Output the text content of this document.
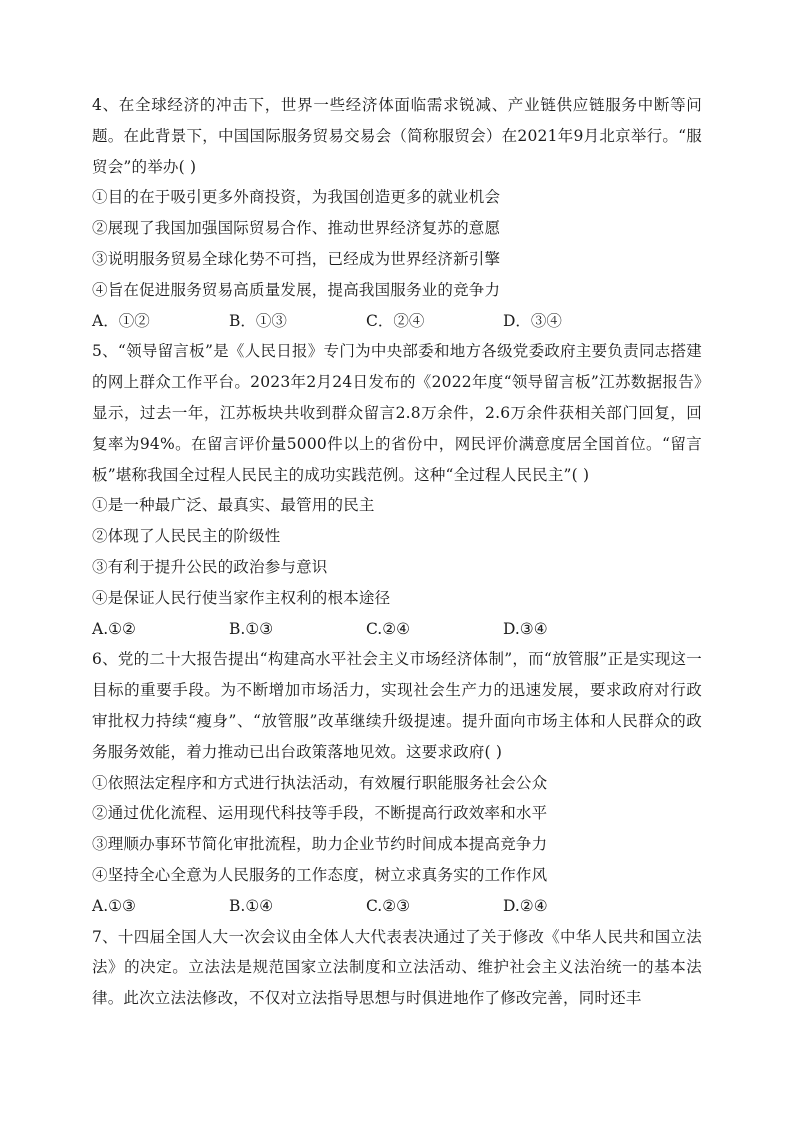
4、在全球经济的冲击下，世界一些经济体面临需求锐减、产业链供应链服务中断等问题。在此背景下，中国国际服务贸易交易会（简称服贸会）在2021年9月北京举行。“服贸会”的举办( )

①目的在于吸引更多外商投资，为我国创造更多的就业机会

②展现了我国加强国际贸易合作、推动世界经济复苏的意愿

③说明服务贸易全球化势不可挡，已经成为世界经济新引擎

④旨在促进服务贸易高质量发展，提高我国服务业的竞争力

A．①②	B．①③	C．②④	D．③④

5、“领导留言板”是《人民日报》专门为中央部委和地方各级党委政府主要负责同志搭建的网上群众工作平台。2023年2月24日发布的《2022年度“领导留言板”江苏数据报告》显示，过去一年，江苏板块共收到群众留言2.8万余件，2.6万余件获相关部门回复，回复率为94%。在留言评价量5000件以上的省份中，网民评价满意度居全国首位。“留言板”堪称我国全过程人民民主的成功实践范例。这种“全过程人民民主”( )

①是一种最广泛、最真实、最管用的民主

②体现了人民民主的阶级性

③有利于提升公民的政治参与意识

④是保证人民行使当家作主权利的根本途径

A.①②	B.①③	C.②④	D.③④

6、党的二十大报告提出“构建高水平社会主义市场经济体制”，而“放管服”正是实现这一目标的重要手段。为不断增加市场活力，实现社会生产力的迅速发展，要求政府对行政审批权力持续“瘦身”、“放管服”改革继续升级提速。提升面向市场主体和人民群众的政务服务效能，着力推动已出台政策落地见效。这要求政府( )

①依照法定程序和方式进行执法活动，有效履行职能服务社会公众

②通过优化流程、运用现代科技等手段，不断提高行政效率和水平

③理顺办事环节简化审批流程，助力企业节约时间成本提高竞争力

④坚持全心全意为人民服务的工作态度，树立求真务实的工作作风

A.①③	B.①④	C.②③	D.②④

7、十四届全国人大一次会议由全体人大代表表决通过了关于修改《中华人民共和国立法法》的决定。立法法是规范国家立法制度和立法活动、维护社会主义法治统一的基本法律。此次立法法修改，不仅对立法指导思想与时俱进地作了修改完善，同时还丰
